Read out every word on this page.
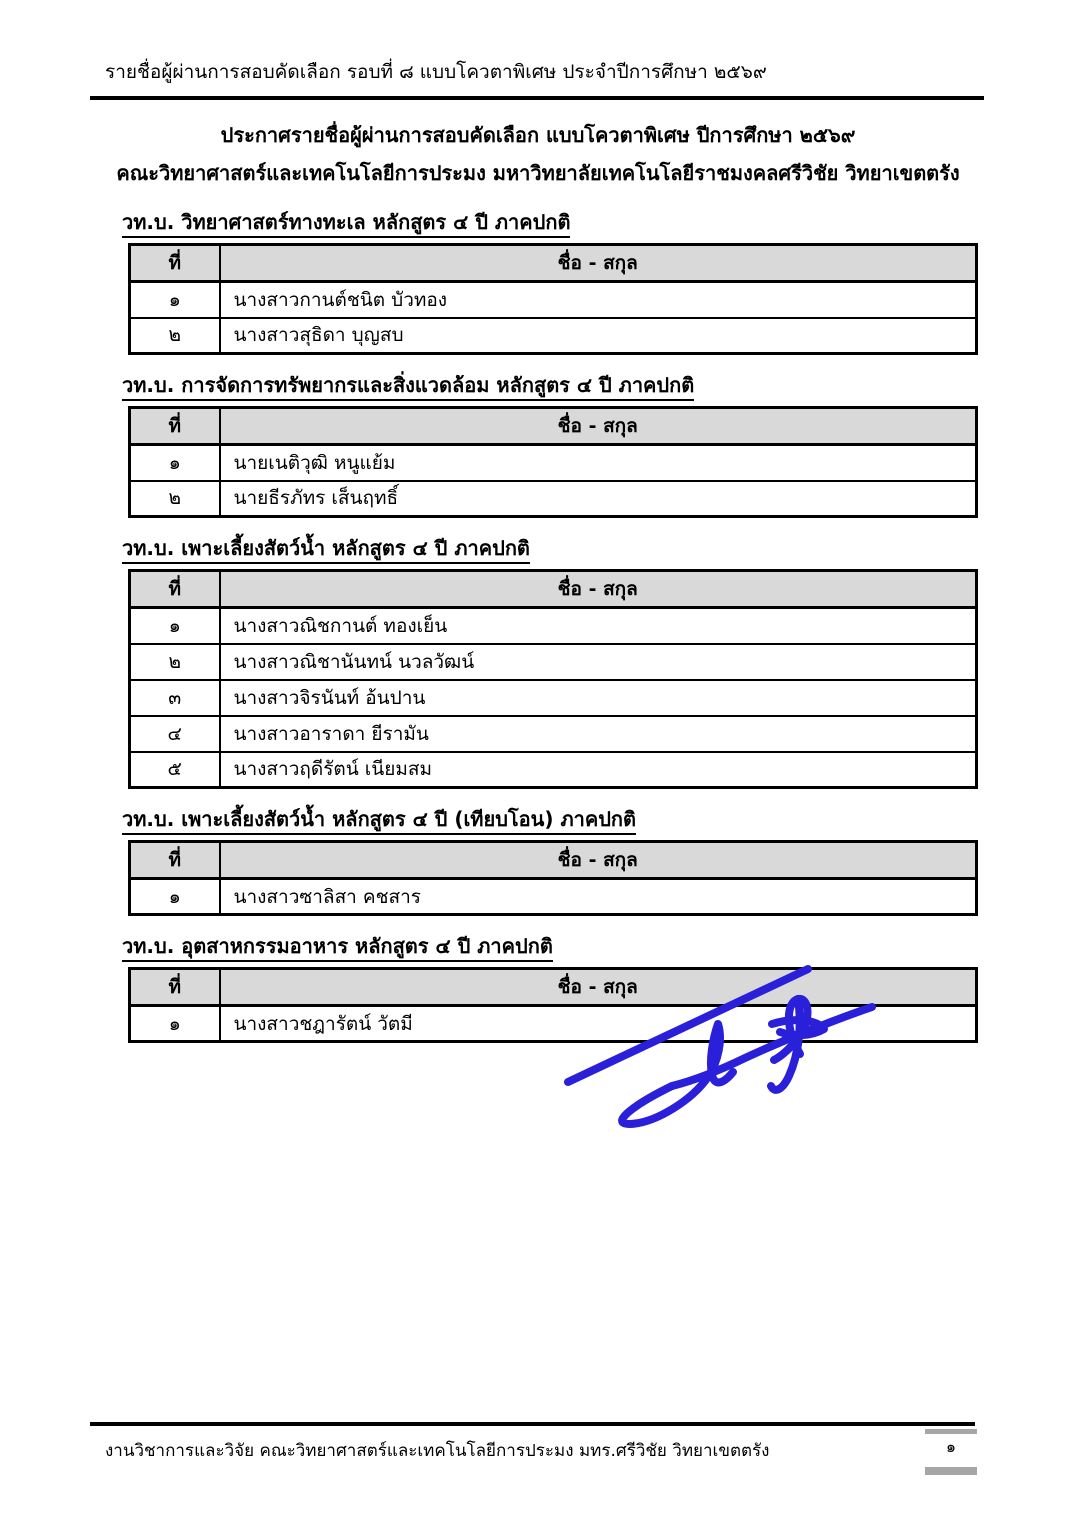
รายชื่อผู้ผ่านการสอบคัดเลือก รอบที่ ๘ แบบโควตาพิเศษ ประจำปีการศึกษา ๒๕๖๙
ประกาศรายชื่อผู้ผ่านการสอบคัดเลือก แบบโควตาพิเศษ ปีการศึกษา ๒๕๖๙
คณะวิทยาศาสตร์และเทคโนโลยีการประมง มหาวิทยาลัยเทคโนโลยีราชมงคลศรีวิชัย วิทยาเขตตรัง
วท.บ. วิทยาศาสตร์ทางทะเล หลักสูตร ๔ ปี ภาคปกติ
ที่	ชื่อ - สกุล
๑	นางสาวกานต์ชนิต บัวทอง
๒	นางสาวสุธิดา บุญสบ
วท.บ. การจัดการทรัพยากรและสิ่งแวดล้อม หลักสูตร ๔ ปี ภาคปกติ
ที่	ชื่อ - สกุล
๑	นายเนติวุฒิ หนูแย้ม
๒	นายธีรภัทร เส็นฤทธิ์
วท.บ. เพาะเลี้ยงสัตว์น้ำ หลักสูตร ๔ ปี ภาคปกติ
ที่	ชื่อ - สกุล
๑	นางสาวณิชกานต์ ทองเย็น
๒	นางสาวณิชานันทน์ นวลวัฒน์
๓	นางสาวจิรนันท์ อ้นปาน
๔	นางสาวอาราดา ยีรามัน
๕	นางสาวฤดีรัตน์ เนียมสม
วท.บ. เพาะเลี้ยงสัตว์น้ำ หลักสูตร ๔ ปี (เทียบโอน) ภาคปกติ
ที่	ชื่อ - สกุล
๑	นางสาวซาลิสา คชสาร
วท.บ. อุตสาหกรรมอาหาร หลักสูตร ๔ ปี ภาคปกติ
ที่	ชื่อ - สกุล
๑	นางสาวชฎารัตน์ วัตมี
งานวิชาการและวิจัย คณะวิทยาศาสตร์และเทคโนโลยีการประมง มทร.ศรีวิชัย วิทยาเขตตรัง	๑
